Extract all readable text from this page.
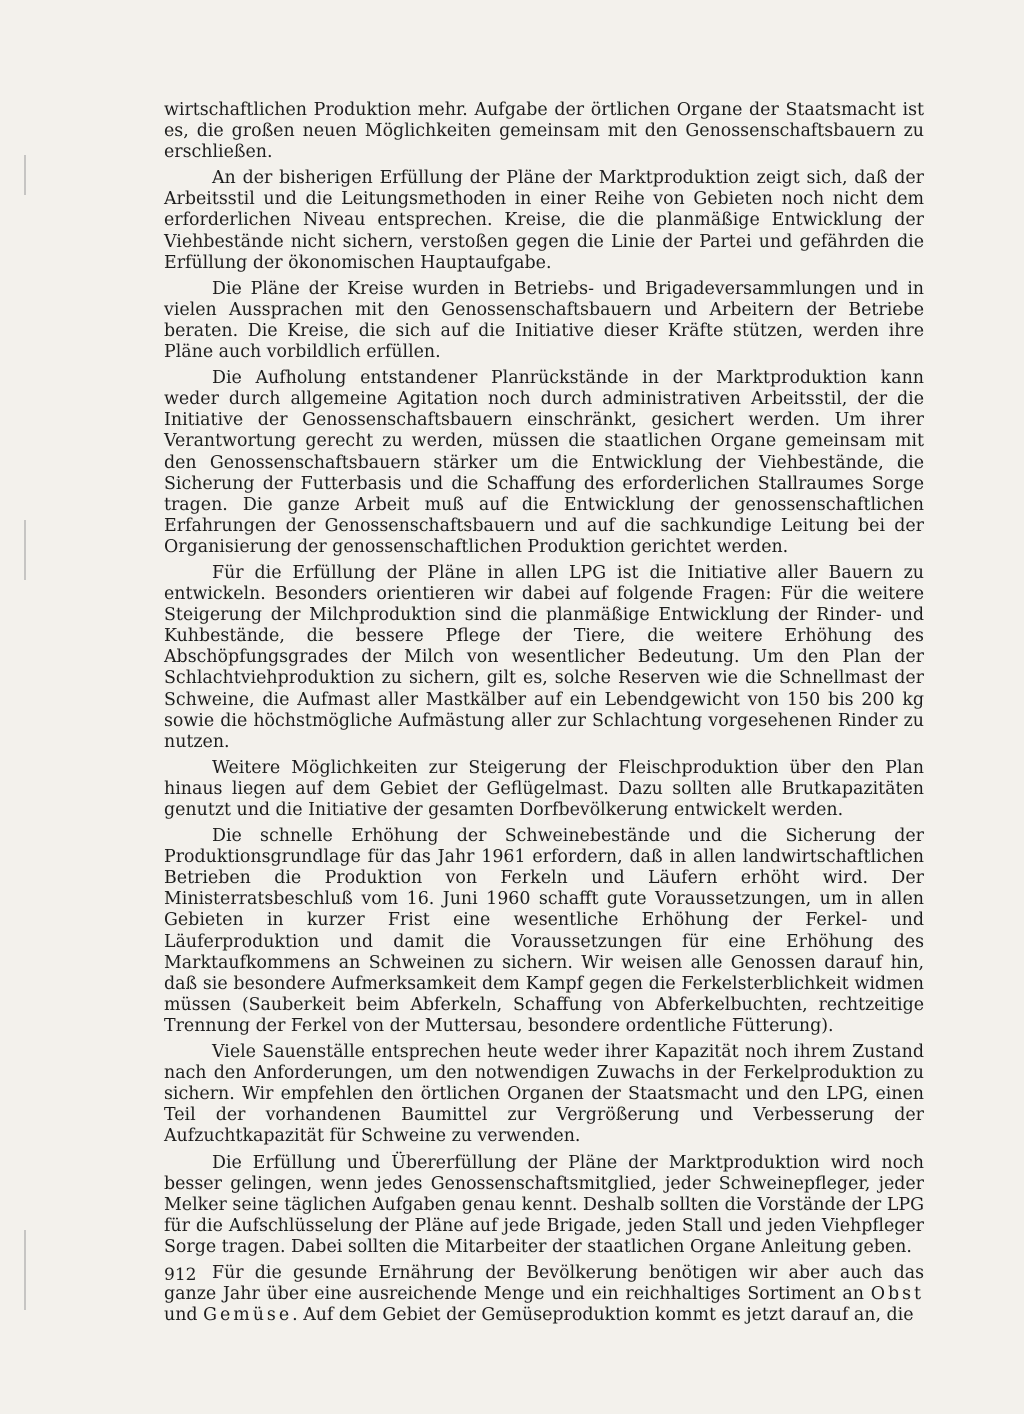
wirtschaftlichen Produktion mehr. Aufgabe der örtlichen Organe der Staatsmacht ist es, die großen neuen Möglichkeiten gemeinsam mit den Genossenschaftsbauern zu erschließen.

An der bisherigen Erfüllung der Pläne der Marktproduktion zeigt sich, daß der Arbeitsstil und die Leitungsmethoden in einer Reihe von Gebieten noch nicht dem erforderlichen Niveau entsprechen. Kreise, die die planmäßige Entwicklung der Viehbestände nicht sichern, verstoßen gegen die Linie der Partei und gefährden die Erfüllung der ökonomischen Hauptaufgabe.

Die Pläne der Kreise wurden in Betriebs- und Brigadeversammlungen und in vielen Aussprachen mit den Genossenschaftsbauern und Arbeitern der Betriebe beraten. Die Kreise, die sich auf die Initiative dieser Kräfte stützen, werden ihre Pläne auch vorbildlich erfüllen.

Die Aufholung entstandener Planrückstände in der Marktproduktion kann weder durch allgemeine Agitation noch durch administrativen Arbeitsstil, der die Initiative der Genossenschaftsbauern einschränkt, gesichert werden. Um ihrer Verantwortung gerecht zu werden, müssen die staatlichen Organe gemeinsam mit den Genossenschaftsbauern stärker um die Entwicklung der Viehbestände, die Sicherung der Futterbasis und die Schaffung des erforderlichen Stallraumes Sorge tragen. Die ganze Arbeit muß auf die Entwicklung der genossenschaftlichen Erfahrungen der Genossenschaftsbauern und auf die sachkundige Leitung bei der Organisierung der genossenschaftlichen Produktion gerichtet werden.

Für die Erfüllung der Pläne in allen LPG ist die Initiative aller Bauern zu entwickeln. Besonders orientieren wir dabei auf folgende Fragen: Für die weitere Steigerung der Milchproduktion sind die planmäßige Entwicklung der Rinder- und Kuhbestände, die bessere Pflege der Tiere, die weitere Erhöhung des Abschöpfungsgrades der Milch von wesentlicher Bedeutung. Um den Plan der Schlachtviehproduktion zu sichern, gilt es, solche Reserven wie die Schnellmast der Schweine, die Aufmast aller Mastkälber auf ein Lebendgewicht von 150 bis 200 kg sowie die höchstmögliche Aufmästung aller zur Schlachtung vorgesehenen Rinder zu nutzen.

Weitere Möglichkeiten zur Steigerung der Fleischproduktion über den Plan hinaus liegen auf dem Gebiet der Geflügelmast. Dazu sollten alle Brutkapazitäten genutzt und die Initiative der gesamten Dorfbevölkerung entwickelt werden.

Die schnelle Erhöhung der Schweinebestände und die Sicherung der Produktionsgrundlage für das Jahr 1961 erfordern, daß in allen landwirtschaftlichen Betrieben die Produktion von Ferkeln und Läufern erhöht wird. Der Ministerratsbeschluß vom 16. Juni 1960 schafft gute Voraussetzungen, um in allen Gebieten in kurzer Frist eine wesentliche Erhöhung der Ferkel- und Läuferproduktion und damit die Voraussetzungen für eine Erhöhung des Marktaufkommens an Schweinen zu sichern. Wir weisen alle Genossen darauf hin, daß sie besondere Aufmerksamkeit dem Kampf gegen die Ferkelsterblichkeit widmen müssen (Sauberkeit beim Abferkeln, Schaffung von Abferkelbuchten, rechtzeitige Trennung der Ferkel von der Muttersau, besondere ordentliche Fütterung).

Viele Sauenställe entsprechen heute weder ihrer Kapazität noch ihrem Zustand nach den Anforderungen, um den notwendigen Zuwachs in der Ferkelproduktion zu sichern. Wir empfehlen den örtlichen Organen der Staatsmacht und den LPG, einen Teil der vorhandenen Baumittel zur Vergrößerung und Verbesserung der Aufzuchtkapazität für Schweine zu verwenden.

Die Erfüllung und Übererfüllung der Pläne der Marktproduktion wird noch besser gelingen, wenn jedes Genossenschaftsmitglied, jeder Schweinepfleger, jeder Melker seine täglichen Aufgaben genau kennt. Deshalb sollten die Vorstände der LPG für die Aufschlüsselung der Pläne auf jede Brigade, jeden Stall und jeden Viehpfleger Sorge tragen. Dabei sollten die Mitarbeiter der staatlichen Organe Anleitung geben.

Für die gesunde Ernährung der Bevölkerung benötigen wir aber auch das ganze Jahr über eine ausreichende Menge und ein reichhaltiges Sortiment an Obst und Gemüse. Auf dem Gebiet der Gemüseproduktion kommt es jetzt darauf an, die

912
